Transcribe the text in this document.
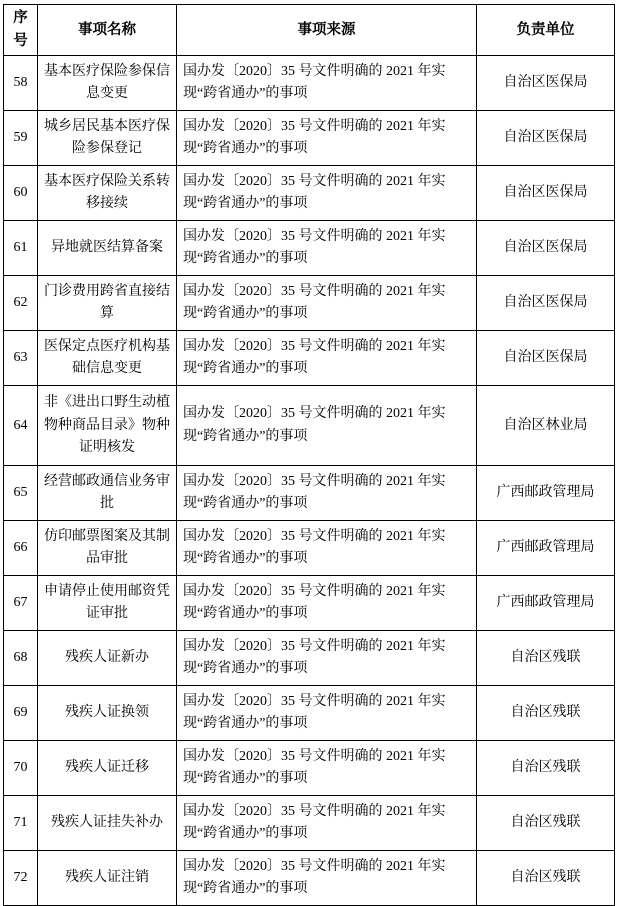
序号	事项名称	事项来源	负责单位
58	基本医疗保险参保信息变更	国办发〔2020〕35 号文件明确的 2021 年实现“跨省通办”的事项	自治区医保局
59	城乡居民基本医疗保险参保登记	国办发〔2020〕35 号文件明确的 2021 年实现“跨省通办”的事项	自治区医保局
60	基本医疗保险关系转移接续	国办发〔2020〕35 号文件明确的 2021 年实现“跨省通办”的事项	自治区医保局
61	异地就医结算备案	国办发〔2020〕35 号文件明确的 2021 年实现“跨省通办”的事项	自治区医保局
62	门诊费用跨省直接结算	国办发〔2020〕35 号文件明确的 2021 年实现“跨省通办”的事项	自治区医保局
63	医保定点医疗机构基础信息变更	国办发〔2020〕35 号文件明确的 2021 年实现“跨省通办”的事项	自治区医保局
64	非《进出口野生动植物种商品目录》物种证明核发	国办发〔2020〕35 号文件明确的 2021 年实现“跨省通办”的事项	自治区林业局
65	经营邮政通信业务审批	国办发〔2020〕35 号文件明确的 2021 年实现“跨省通办”的事项	广西邮政管理局
66	仿印邮票图案及其制品审批	国办发〔2020〕35 号文件明确的 2021 年实现“跨省通办”的事项	广西邮政管理局
67	申请停止使用邮资凭证审批	国办发〔2020〕35 号文件明确的 2021 年实现“跨省通办”的事项	广西邮政管理局
68	残疾人证新办	国办发〔2020〕35 号文件明确的 2021 年实现“跨省通办”的事项	自治区残联
69	残疾人证换领	国办发〔2020〕35 号文件明确的 2021 年实现“跨省通办”的事项	自治区残联
70	残疾人证迁移	国办发〔2020〕35 号文件明确的 2021 年实现“跨省通办”的事项	自治区残联
71	残疾人证挂失补办	国办发〔2020〕35 号文件明确的 2021 年实现“跨省通办”的事项	自治区残联
72	残疾人证注销	国办发〔2020〕35 号文件明确的 2021 年实现“跨省通办”的事项	自治区残联
